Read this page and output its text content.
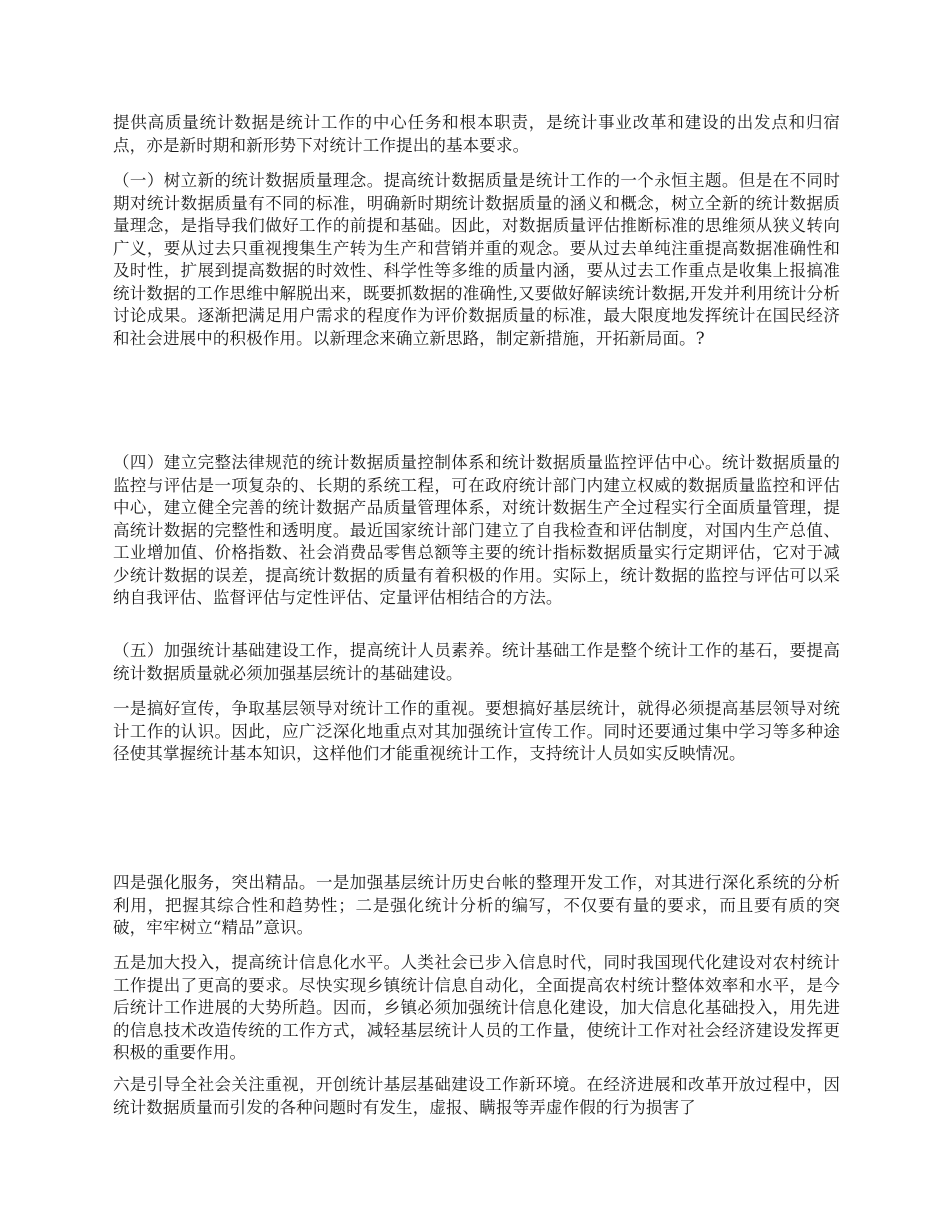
提供高质量统计数据是统计工作的中心任务和根本职责，是统计事业改革和建设的出发点和归宿点，亦是新时期和新形势下对统计工作提出的基本要求。

（一）树立新的统计数据质量理念。提高统计数据质量是统计工作的一个永恒主题。但是在不同时期对统计数据质量有不同的标准，明确新时期统计数据质量的涵义和概念，树立全新的统计数据质量理念，是指导我们做好工作的前提和基础。因此，对数据质量评估推断标准的思维须从狭义转向广义，要从过去只重视搜集生产转为生产和营销并重的观念。要从过去单纯注重提高数据准确性和及时性，扩展到提高数据的时效性、科学性等多维的质量内涵，要从过去工作重点是收集上报搞准统计数据的工作思维中解脱出来，既要抓数据的准确性,又要做好解读统计数据,开发并利用统计分析讨论成果。逐渐把满足用户需求的程度作为评价数据质量的标准，最大限度地发挥统计在国民经济和社会进展中的积极作用。以新理念来确立新思路，制定新措施，开拓新局面。?

（四）建立完整法律规范的统计数据质量控制体系和统计数据质量监控评估中心。统计数据质量的监控与评估是一项复杂的、长期的系统工程，可在政府统计部门内建立权威的数据质量监控和评估中心，建立健全完善的统计数据产品质量管理体系，对统计数据生产全过程实行全面质量管理，提高统计数据的完整性和透明度。最近国家统计部门建立了自我检查和评估制度，对国内生产总值、工业增加值、价格指数、社会消费品零售总额等主要的统计指标数据质量实行定期评估，它对于减少统计数据的误差，提高统计数据的质量有着积极的作用。实际上，统计数据的监控与评估可以采纳自我评估、监督评估与定性评估、定量评估相结合的方法。

（五）加强统计基础建设工作，提高统计人员素养。统计基础工作是整个统计工作的基石，要提高统计数据质量就必须加强基层统计的基础建设。

一是搞好宣传，争取基层领导对统计工作的重视。要想搞好基层统计，就得必须提高基层领导对统计工作的认识。因此，应广泛深化地重点对其加强统计宣传工作。同时还要通过集中学习等多种途径使其掌握统计基本知识，这样他们才能重视统计工作，支持统计人员如实反映情况。

四是强化服务，突出精品。一是加强基层统计历史台帐的整理开发工作，对其进行深化系统的分析利用，把握其综合性和趋势性；二是强化统计分析的编写，不仅要有量的要求，而且要有质的突破，牢牢树立“精品”意识。

五是加大投入，提高统计信息化水平。人类社会已步入信息时代，同时我国现代化建设对农村统计工作提出了更高的要求。尽快实现乡镇统计信息自动化，全面提高农村统计整体效率和水平，是今后统计工作进展的大势所趋。因而，乡镇必须加强统计信息化建设，加大信息化基础投入，用先进的信息技术改造传统的工作方式，减轻基层统计人员的工作量，使统计工作对社会经济建设发挥更积极的重要作用。

六是引导全社会关注重视，开创统计基层基础建设工作新环境。在经济进展和改革开放过程中，因统计数据质量而引发的各种问题时有发生，虚报、瞒报等弄虚作假的行为损害了
